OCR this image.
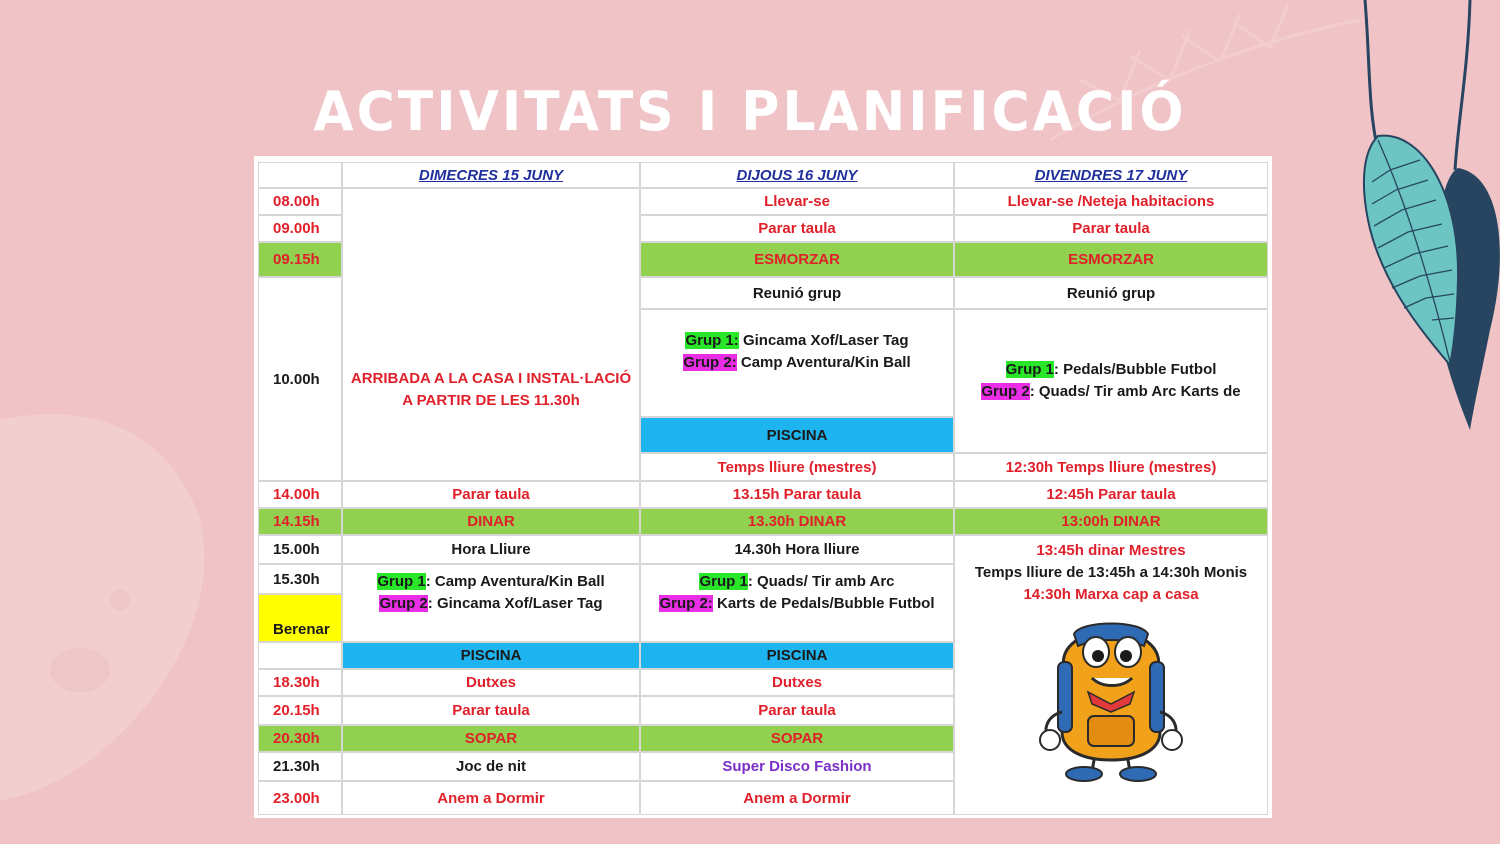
ACTIVITATS I PLANIFICACIÓ
DIMECRES 15 JUNY	DIJOUS 16 JUNY	DIVENDRES 17 JUNY
08.00h
09.00h
09.15h
10.00h
14.00h
14.15h
15.00h
15.30h
Berenar
18.30h
20.15h
20.30h
21.30h
23.00h
ARRIBADA A LA CASA I INSTAL·LACIÓ
A PARTIR DE LES 11.30h
Parar taula
DINAR
Hora Lliure
Grup 1: Camp Aventura/Kin Ball
Grup 2: Gincama Xof/Laser Tag
PISCINA
Dutxes
Parar taula
SOPAR
Joc de nit
Anem a Dormir
Llevar-se
Parar taula
ESMORZAR
Reunió grup
Grup 1: Gincama Xof/Laser Tag
Grup 2: Camp Aventura/Kin Ball
PISCINA
Temps lliure (mestres)
13.15h Parar taula
13.30h DINAR
14.30h Hora lliure
Grup 1: Quads/ Tir amb Arc
Grup 2: Karts de Pedals/Bubble Futbol
PISCINA
Dutxes
Parar taula
SOPAR
Super Disco Fashion
Anem a Dormir
Llevar-se /Neteja habitacions
Parar taula
ESMORZAR
Reunió grup
Grup 1: Pedals/Bubble Futbol
Grup 2: Quads/ Tir amb Arc Karts de
12:30h Temps lliure (mestres)
12:45h Parar taula
13:00h DINAR
13:45h dinar Mestres
Temps lliure de 13:45h a 14:30h Monis
14:30h Marxa cap a casa
